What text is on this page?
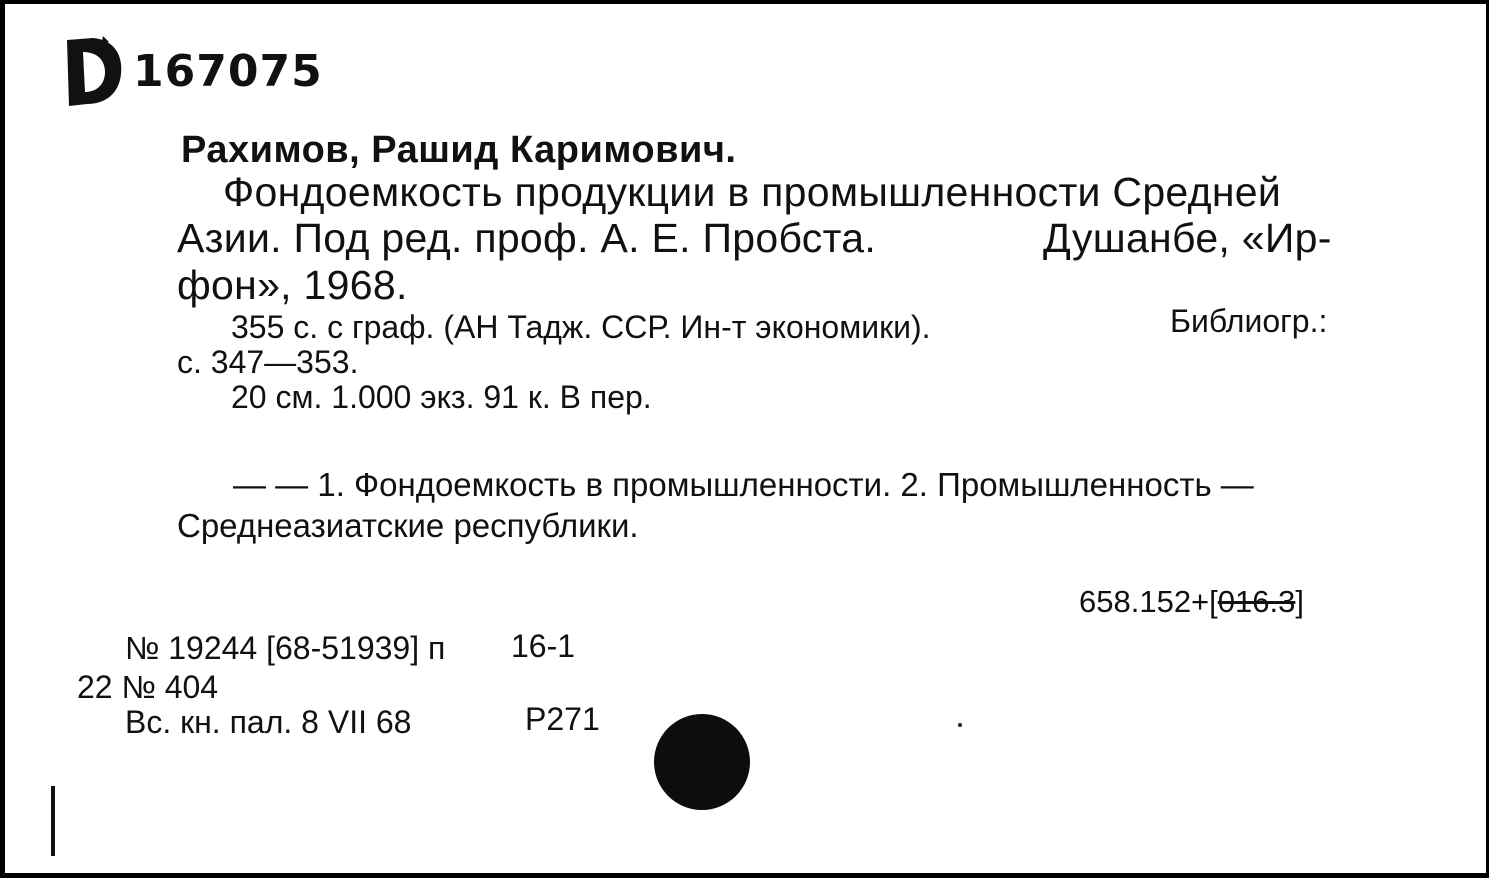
167075
Рахимов, Рашид Каримович.
Фондоемкость продукции в промышленности Средней
Азии. Под ред. проф. А. Е. Пробста.	Душанбе, «Ир-
фон», 1968.
355 с. с граф. (АН Тадж. ССР. Ин-т экономики).	Библиогр.:
с. 347—353.
20 см. 1.000 экз. 91 к. В пер.
— — 1. Фондоемкость в промышленности. 2. Промышленность —
Среднеазиатские республики.
658.152+[016.3]
№ 19244 [68-51939] п 16-1
22 № 404
Вс. кн. пал. 8 VII 68	Р271
